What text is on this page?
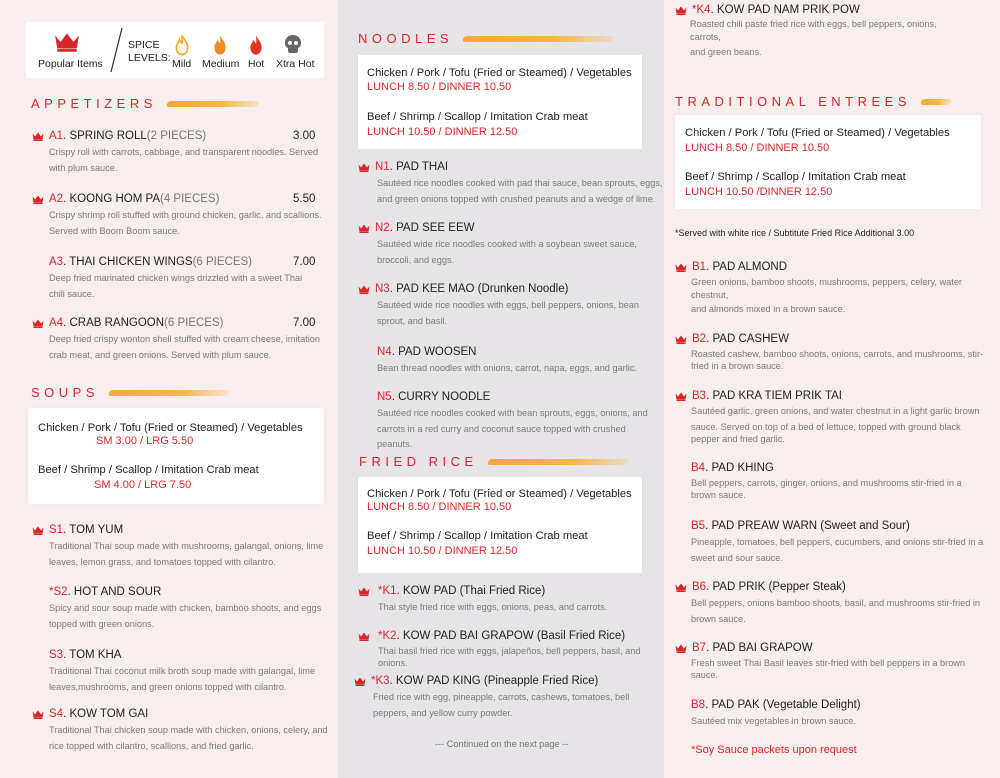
Popular Items
SPICE
LEVELS: Mild Medium Hot Xtra Hot
APPETIZERS
A1 . SPRING ROLL (2 PIECES)	3.00
Crispy roll with carrots, cabbage, and transparent noodles. Served
with plum sauce.
A2 . KOONG HOM PA (4 PIECES)	5.50
Crispy shrimp roll stuffed with ground chicken, garlic, and scallions.
Served with Boom Boom sauce.
A3 . THAI CHICKEN WINGS (6 PIECES)	7.00
Deep fried marinated chicken wings drizzled with a sweet Thai
chili sauce.
A4 . CRAB RANGOON (6 PIECES)	7.00
Deep fried crispy wonton shell stuffed with cream cheese, imitation
crab meat, and green onions. Served with plum sauce.
SOUPS
Chicken / Pork / Tofu (Fried or Steamed) / Vegetables
SM 3.00 / LRG 5.50
Beef / Shrimp / Scallop / Imitation Crab meat
SM 4.00 / LRG 7.50
S1 . TOM YUM
Traditional Thai soup made with mushrooms, galangal, onions, lime
leaves, lemon grass, and tomatoes topped with cilantro.
*S2 . HOT AND SOUR
Spicy and sour soup made with chicken, bamboo shoots, and eggs
topped with green onions.
S3 . TOM KHA
Traditional Thai coconut milk broth soup made with galangal, lime
leaves,mushrooms, and green onions topped with cilantro.
S4 . KOW TOM GAI
Traditional Thai chicken soup made with chicken, onions, celery, and
rice topped with cilantro, scallions, and fried garlic.
NOODLES
Chicken / Pork / Tofu (Fried or Steamed) / Vegetables
LUNCH 8.50 / DINNER 10.50
Beef / Shrimp / Scallop / Imitation Crab meat
LUNCH 10.50 / DINNER 12.50
N1 . PAD THAI
Sautéed rice noodles cooked with pad thai sauce, bean sprouts, eggs,
and green onions topped with crushed peanuts and a wedge of lime.
N2 . PAD SEE EEW
Sautéed wide rice noodles cooked with a soybean sweet sauce,
broccoli, and eggs.
N3 . PAD KEE MAO (Drunken Noodle)
Sautéed wide rice noodles with eggs, bell peppers, onions, bean
sprout, and basil.
N4 . PAD WOOSEN
Bean thread noodles with onions, carrot, napa, eggs, and garlic.
N5 . CURRY NOODLE
Sautéed rice noodles cooked with bean sprouts, eggs, onions, and
carrots in a red curry and coconut sauce topped with crushed peanuts.
FRIED RICE
Chicken / Pork / Tofu (Fried or Steamed) / Vegetables
LUNCH 8.50 / DINNER 10.50
Beef / Shrimp / Scallop / Imitation Crab meat
LUNCH 10.50 / DINNER 12.50
*K1 . KOW PAD (Thai Fried Rice)
Thai style fried rice with eggs, onions, peas, and carrots.
*K2 . KOW PAD BAI GRAPOW (Basil Fried Rice)
Thai basil fried rice with eggs, jalapeños, bell peppers, basil, and
onions.
*K3 . KOW PAD KING (Pineapple Fried Rice)
Fried rice with egg, pineapple, carrots, cashews, tomatoes, bell
peppers, and yellow curry powder.
--- Continued on the next page --
*K4 . KOW PAD NAM PRIK POW
Roasted chili paste fried rice with eggs, bell peppers, onions,
carrots,
and green beans.
TRADITIONAL ENTREES
Chicken / Pork / Tofu (Fried or Steamed) / Vegetables
LUNCH 8.50 / DINNER 10.50
Beef / Shrimp / Scallop / Imitation Crab meat
LUNCH 10.50 /DINNER 12.50
*Served with white rice / Subtitute Fried Rice Additional 3.00
B1 . PAD ALMOND
Green onions, bamboo shoots, mushrooms, peppers, celery, water
chestnut,
and almonds mixed in a brown sauce.
B2 . PAD CASHEW
Roasted cashew, bamboo shoots, onions, carrots, and mushrooms, stir-
fried in a brown sauce.
B3 . PAD KRA TIEM PRIK TAI
Sautéed garlic, green onions, and water chestnut in a light garlic brown
sauce. Served on top of a bed of lettuce, topped with ground black
pepper and fried garlic.
B4 . PAD KHING
Bell peppers, carrots, ginger, onions, and mushrooms stir-fried in a
brown sauce.
B5 . PAD PREAW WARN (Sweet and Sour)
Pineapple, tomatoes, bell peppers, cucumbers, and onions stir-fried in a
sweet and sour sauce.
B6 . PAD PRIK (Pepper Steak)
Bell peppers, onions bamboo shoots, basil, and mushrooms stir-fried in
brown sauce.
B7 . PAD BAI GRAPOW
Fresh sweet Thai Basil leaves stir-fried with bell peppers in a brown
sauce.
B8 . PAD PAK (Vegetable Delight)
Sautéed mix vegetables in brown sauce.
*Soy Sauce packets upon request
